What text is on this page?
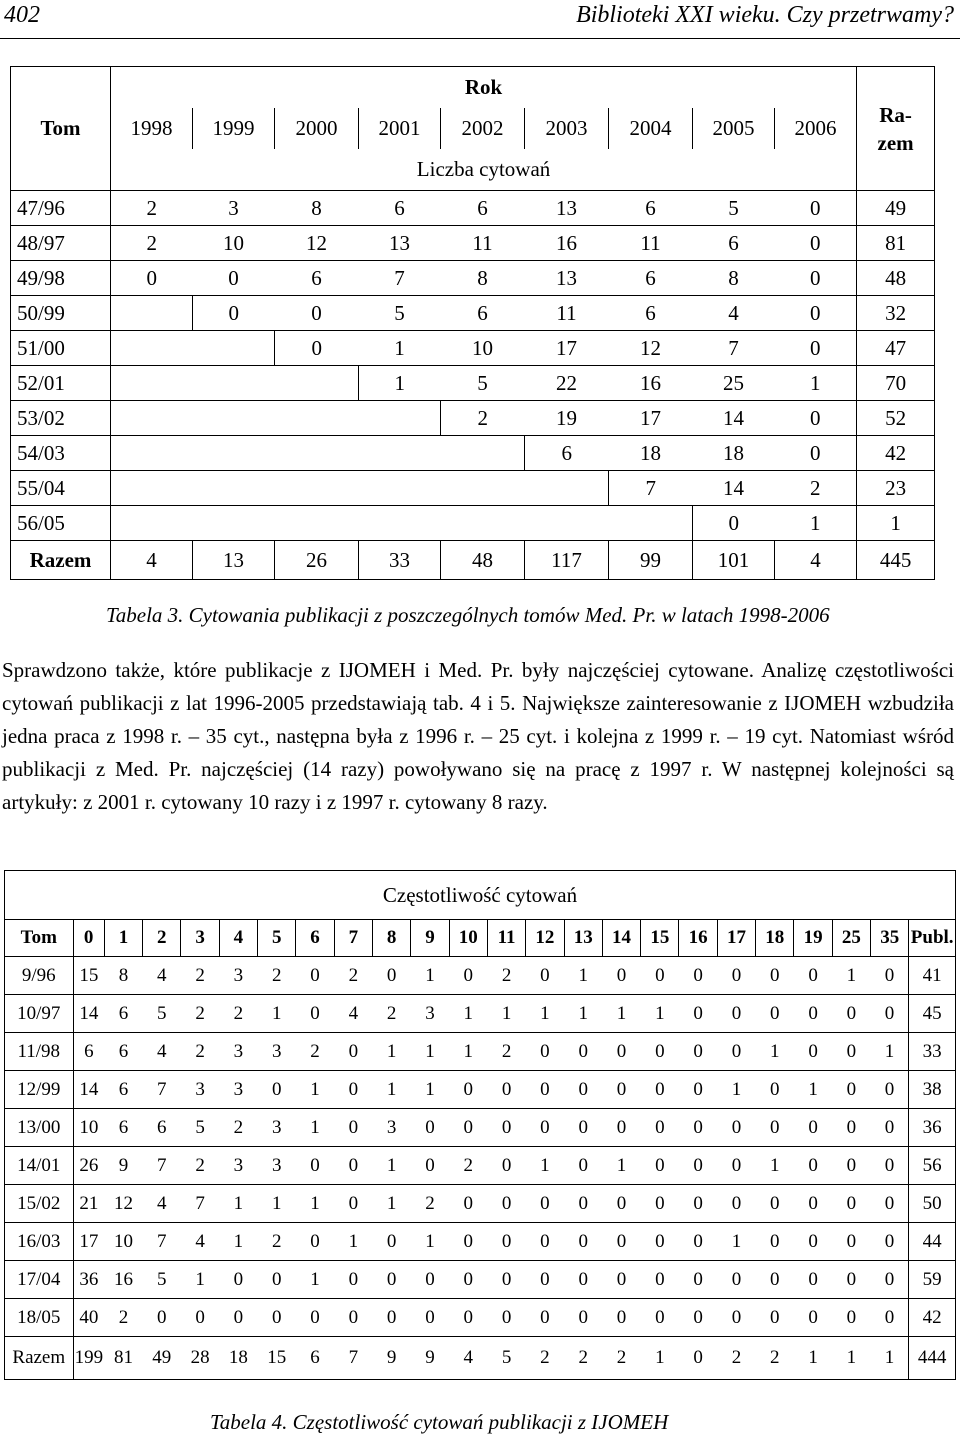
402	Biblioteki XXI wieku. Czy przetrwamy?
Tom	Rok									Ra-
zem
	1998	1999	2000	2001	2002	2003	2004	2005	2006	
	Liczba cytowań									
47/96	2	3	8	6	6	13	6	5	0	49
48/97	2	10	12	13	11	16	11	6	0	81
49/98	0	0	6	7	8	13	6	8	0	48
50/99		0	0	5	6	11	6	4	0	32
51/00			0	1	10	17	12	7	0	47
52/01				1	5	22	16	25	1	70
53/02					2	19	17	14	0	52
54/03						6	18	18	0	42
55/04							7	14	2	23
56/05								0	1	1
Razem	4	13	26	33	48	117	99	101	4	445
Tabela 3. Cytowania publikacji z poszczególnych tomów Med. Pr. w latach 1998-2006
Sprawdzono także, które publikacje z IJOMEH i Med. Pr. były najczęściej cytowane. Analizę częstotliwości cytowań publikacji z lat 1996-2005 przedstawiają tab. 4 i 5. Największe zainteresowanie z IJOMEH wzbudziła jedna praca z 1998 r. – 35 cyt., następna była z 1996 r. – 25 cyt. i kolejna z 1999 r. – 19 cyt. Natomiast wśród publikacji z Med. Pr. najczęściej (14 razy) powoływano się na pracę z 1997 r. W następnej kolejności są artykuły: z 2001 r. cytowany 10 razy i z 1997 r. cytowany 8 razy.
Częstotliwość cytowań																							
Tom	0	1	2	3	4	5	6	7	8	9	10	11	12	13	14	15	16	17	18	19	25	35	Publ.
9/96	15	8	4	2	3	2	0	2	0	1	0	2	0	1	0	0	0	0	0	0	1	0	41
10/97	14	6	5	2	2	1	0	4	2	3	1	1	1	1	1	1	0	0	0	0	0	0	45
11/98	6	6	4	2	3	3	2	0	1	1	1	2	0	0	0	0	0	0	1	0	0	1	33
12/99	14	6	7	3	3	0	1	0	1	1	0	0	0	0	0	0	0	1	0	1	0	0	38
13/00	10	6	6	5	2	3	1	0	3	0	0	0	0	0	0	0	0	0	0	0	0	0	36
14/01	26	9	7	2	3	3	0	0	1	0	2	0	1	0	1	0	0	0	1	0	0	0	56
15/02	21	12	4	7	1	1	1	0	1	2	0	0	0	0	0	0	0	0	0	0	0	0	50
16/03	17	10	7	4	1	2	0	1	0	1	0	0	0	0	0	0	0	1	0	0	0	0	44
17/04	36	16	5	1	0	0	1	0	0	0	0	0	0	0	0	0	0	0	0	0	0	0	59
18/05	40	2	0	0	0	0	0	0	0	0	0	0	0	0	0	0	0	0	0	0	0	0	42
Razem	199	81	49	28	18	15	6	7	9	9	4	5	2	2	2	1	0	2	2	1	1	1	444
Tabela 4. Częstotliwość cytowań publikacji z IJOMEH
